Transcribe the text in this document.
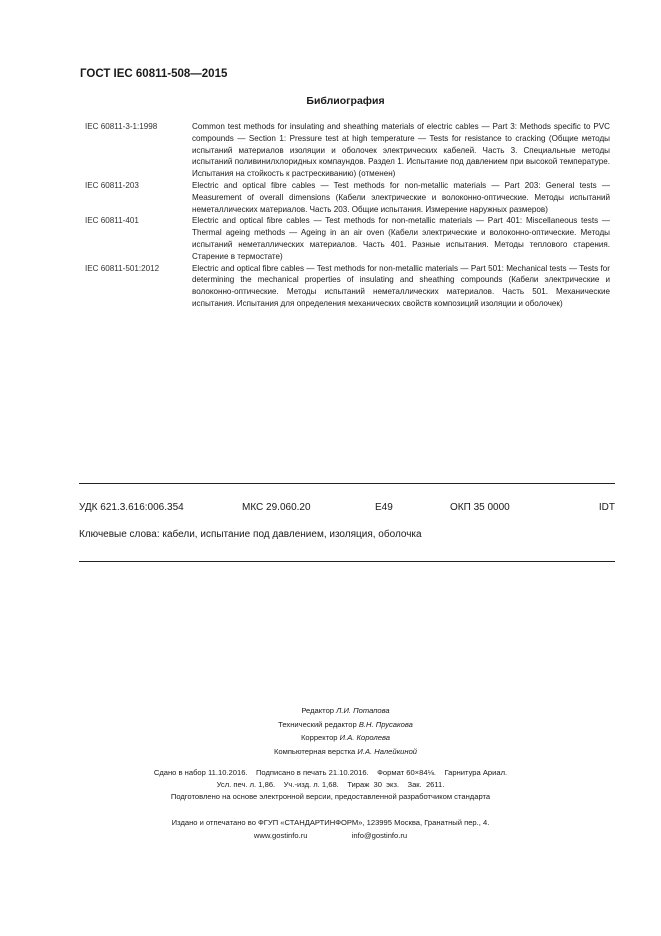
ГОСТ IEC 60811-508—2015
Библиография
IEC 60811-3-1:1998	Common test methods for insulating and sheathing materials of electric cables — Part 3: Methods specific to PVC compounds — Section 1: Pressure test at high temperature — Tests for resistance to cracking (Общие методы испытаний материалов изоляции и оболочек электрических кабелей. Часть 3. Специальные методы испытаний поливинилхлоридных компаундов. Раздел 1. Испытание под давлением при высокой температуре. Испытания на стойкость к растрескиванию) (отменен)
IEC 60811-203	Electric and optical fibre cables — Test methods for non-metallic materials — Part 203: General tests — Measurement of overall dimensions (Кабели электрические и волоконно-оптические. Методы испытаний неметаллических материалов. Часть 203. Общие испытания. Измерение наружных размеров)
IEC 60811-401	Electric and optical fibre cables — Test methods for non-metallic materials — Part 401: Miscellaneous tests — Thermal ageing methods — Ageing in an air oven (Кабели электрические и волоконно-оптические. Методы испытаний неметаллических материалов. Часть 401. Разные испытания. Методы теплового старения. Старение в термостате)
IEC 60811-501:2012	Electric and optical fibre cables — Test methods for non-metallic materials — Part 501: Mechanical tests — Tests for determining the mechanical properties of insulating and sheathing compounds (Кабели электрические и волоконно-оптические. Методы испытаний неметаллических материалов. Часть 501. Механические испытания. Испытания для определения механических свойств композиций изоляции и оболочек)
УДК 621.3.616:006.354	МКС 29.060.20	Е49	ОКП 35 0000	IDT
Ключевые слова: кабели, испытание под давлением, изоляция, оболочка
Редактор Л.И. Потапова
Технический редактор В.Н. Прусакова
Корректор И.А. Королева
Компьютерная верстка И.А. Налейкиной
Сдано в набор 11.10.2016.    Подписано в печать 21.10.2016.    Формат 60×84⅛.    Гарнитура Ариал.
Усл. печ. л. 1,86.    Уч.-изд. л. 1,68.    Тираж  30  экз.    Зак.  2611.
Подготовлено на основе электронной версии, предоставленной разработчиком стандарта
Издано и отпечатано во ФГУП «СТАНДАРТИНФОРМ», 123995 Москва, Гранатный пер., 4.
www.gostinfo.ru	info@gostinfo.ru
